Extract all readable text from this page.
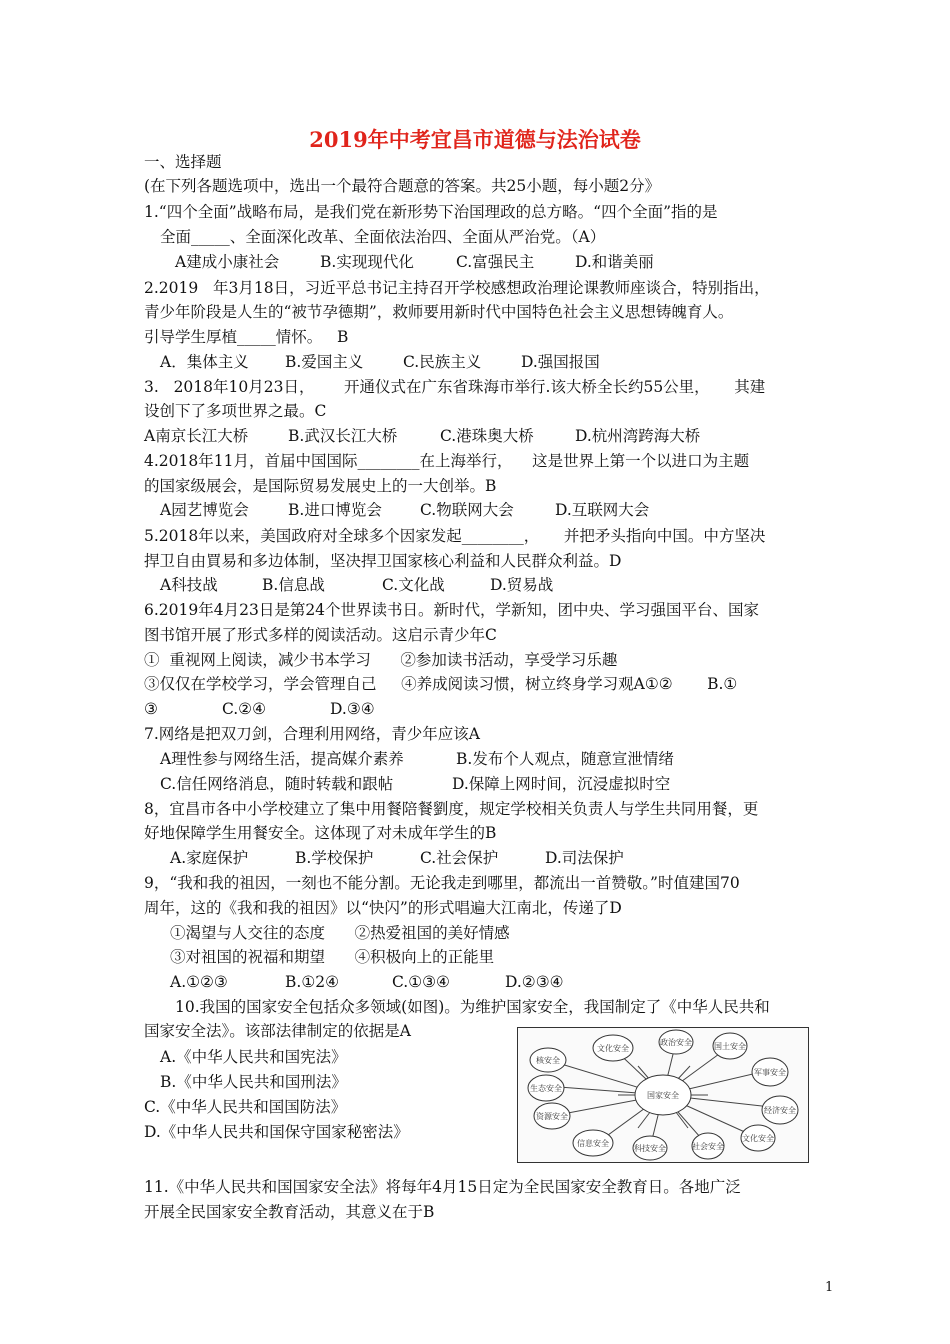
2019年中考宜昌市道德与法治试卷
一、选择题
(在下列各题选项中，选出一个最符合题意的答案。共25小题，每小题2分》
1.“四个全面”战略布局，是我们党在新形势下治国理政的总方略。“四个全面”指的是
全面_____、全面深化改革、全面依法治四、全面从严治党。（A）
A建成小康社会	B.实现现代化	C.富强民主	D.和谐美丽
2.2019   年3月18日，习近平总书记主持召开学校感想政治理论课教师座谈合，特别指出，
青少年阶段是人生的“被节孕德期”，救师要用新时代中国特色社会主义思想铸魄育人。
引导学生厚植_____情怀。   B
A．集体主义 B.爱国主义	C.民族主义	D.强国报国
3.   2018年10月23日，      开通仪式在广东省珠海市举行.该大桥全长约55公里，     其建
设创下了多项世界之最。C
A南京长江大桥	B.武汉长江大桥	C.港珠奥大桥	D.杭州湾跨海大桥
4.2018年11月，首届中国国际________在上海举行，    这是世界上第一个以进口为主题
的国家级展会，是国际贸易发展史上的一大创举。B
A园艺博览会	B.进口博览会 C.物联网大会	D.互联网大会
5.2018年以来，美国政府对全球多个因家发起________，     并把矛头指向中国。中方坚决
捍卫自由買易和多边体制，坚决捍卫国家核心利益和人民群众利益。D
A科技战	B.信息战	C.文化战	D.贸易战
6.2019年4月23日是第24个世界读书日。新时代，学新知，团中央、学习强国平台、国家
图书馆开展了形式多样的阅读活动。这启示青少年C
①  重视网上阅读，减少书本学习      ②参加读书活动，享受学习乐趣
③仅仅在学校学习，学会管理自己     ④养成阅读习惯，树立终身学习观A①②       B.①
③             C.②④             D.③④
7.网络是把双刀剑，合理利用网络，青少年应该A
A理性参与网络生活，提高媒介素养	B.发布个人观点，随意宣泄情绪
C.信任网络消息，随时转载和跟帖	D.保障上网时间，沉浸虚拟时空
8，宜昌市各中小学校建立了集中用餐陪餐劉度，规定学校相关负责人与学生共同用餐，更
好地保障学生用餐安全。这体现了对未成年学生的B
A.家庭保护	B.学校保护	C.社会保护	D.司法保护
9，“我和我的祖因，一刻也不能分割。无论我走到哪里，都流出一首赞敬。”时值建国70
周年，这的《我和我的祖因》以“快闪”的形式唱遍大江南北，传递了D
①渴望与人交往的态度      ②热爱祖国的美好情感
③对祖国的祝福和期望      ④积极向上的正能里
A.①②③	B.①2④	C.①③④	D.②③④
10.我国的国家安全包括众多领域(如图)。为维护国家安全，我国制定了《中华人民共和
国家安全法》。该部法律制定的依据是A
A.《中华人民共和国宪法》
B.《中华人民共和国刑法》
C.《中华人民共和国国防法》
D.《中华人民共和国保守国家秘密法》
国家安全
核安全
文化安全
政治安全	国土安全
军事安全
经济安全
文化安全
社会安全
科技安全
信息安全
资源安全
生态安全
11.《中华人民共和国国家安全法》将每年4月15日定为全民国家安全教育日。各地广泛
开展全民国家安全教育活动，其意义在于B
1
